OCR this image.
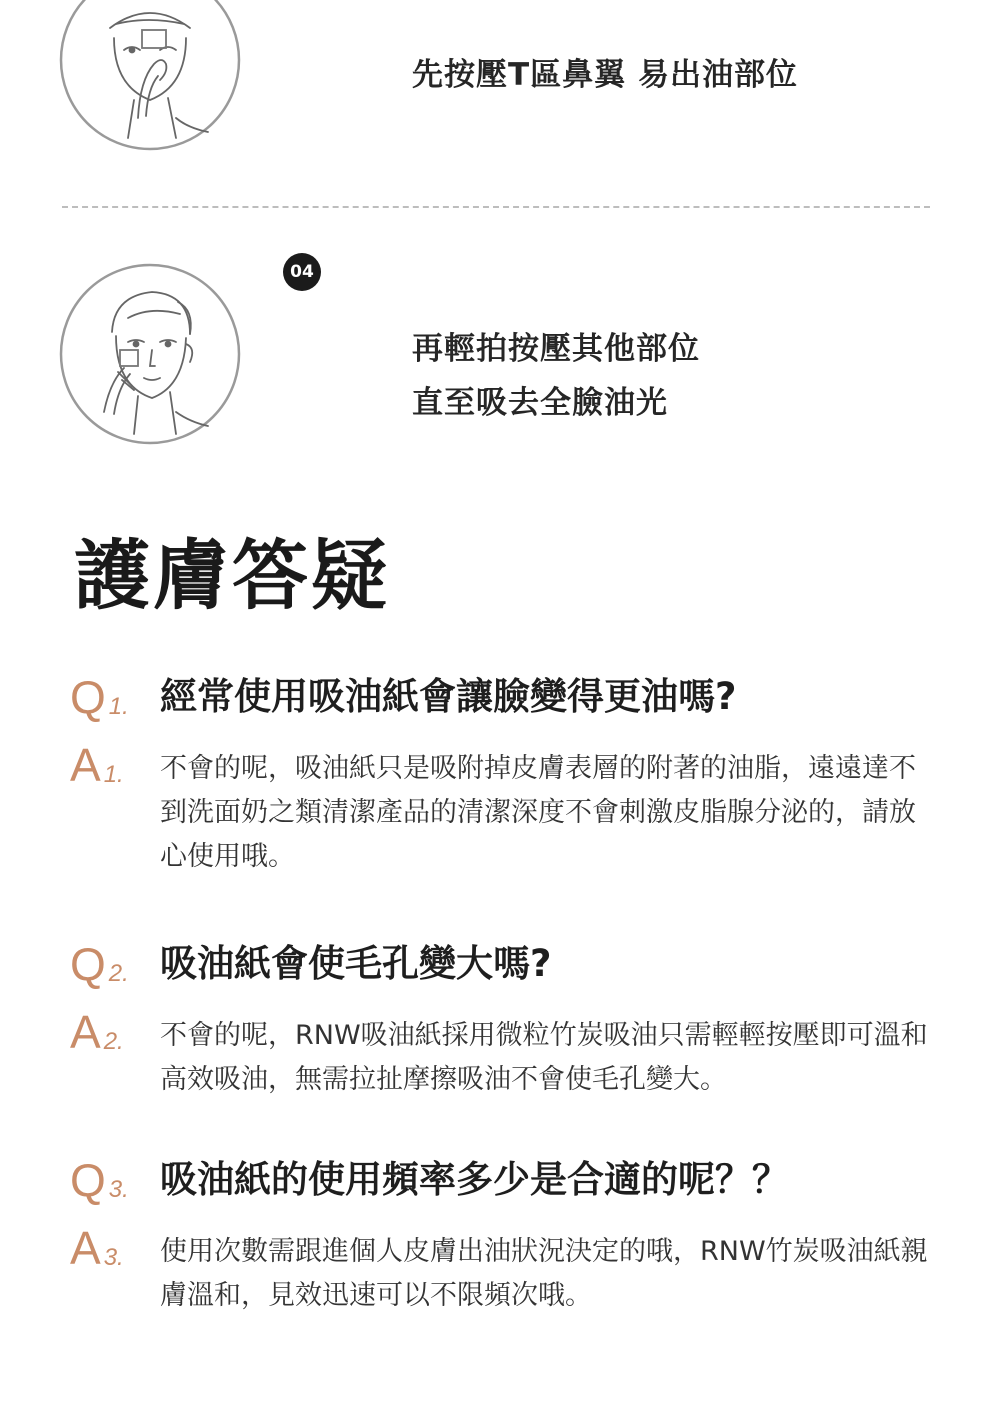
先按壓T區鼻翼 易出油部位
04
再輕拍按壓其他部位
直至吸去全臉油光
護膚答疑
Q 1. 經常使用吸油紙會讓臉變得更油嗎?
A 1. 不會的呢，吸油紙只是吸附掉皮膚表層的附著的油脂，遠遠達不到洗面奶之類清潔產品的清潔深度不會刺激皮脂腺分泌的，請放心使用哦。
Q 2. 吸油紙會使毛孔變大嗎?
A 2. 不會的呢，RNW吸油紙採用微粒竹炭吸油只需輕輕按壓即可溫和高效吸油，無需拉扯摩擦吸油不會使毛孔變大。
Q 3. 吸油紙的使用頻率多少是合適的呢？？
A 3. 使用次數需跟進個人皮膚出油狀況決定的哦，RNW竹炭吸油紙親膚溫和，見效迅速可以不限頻次哦。
